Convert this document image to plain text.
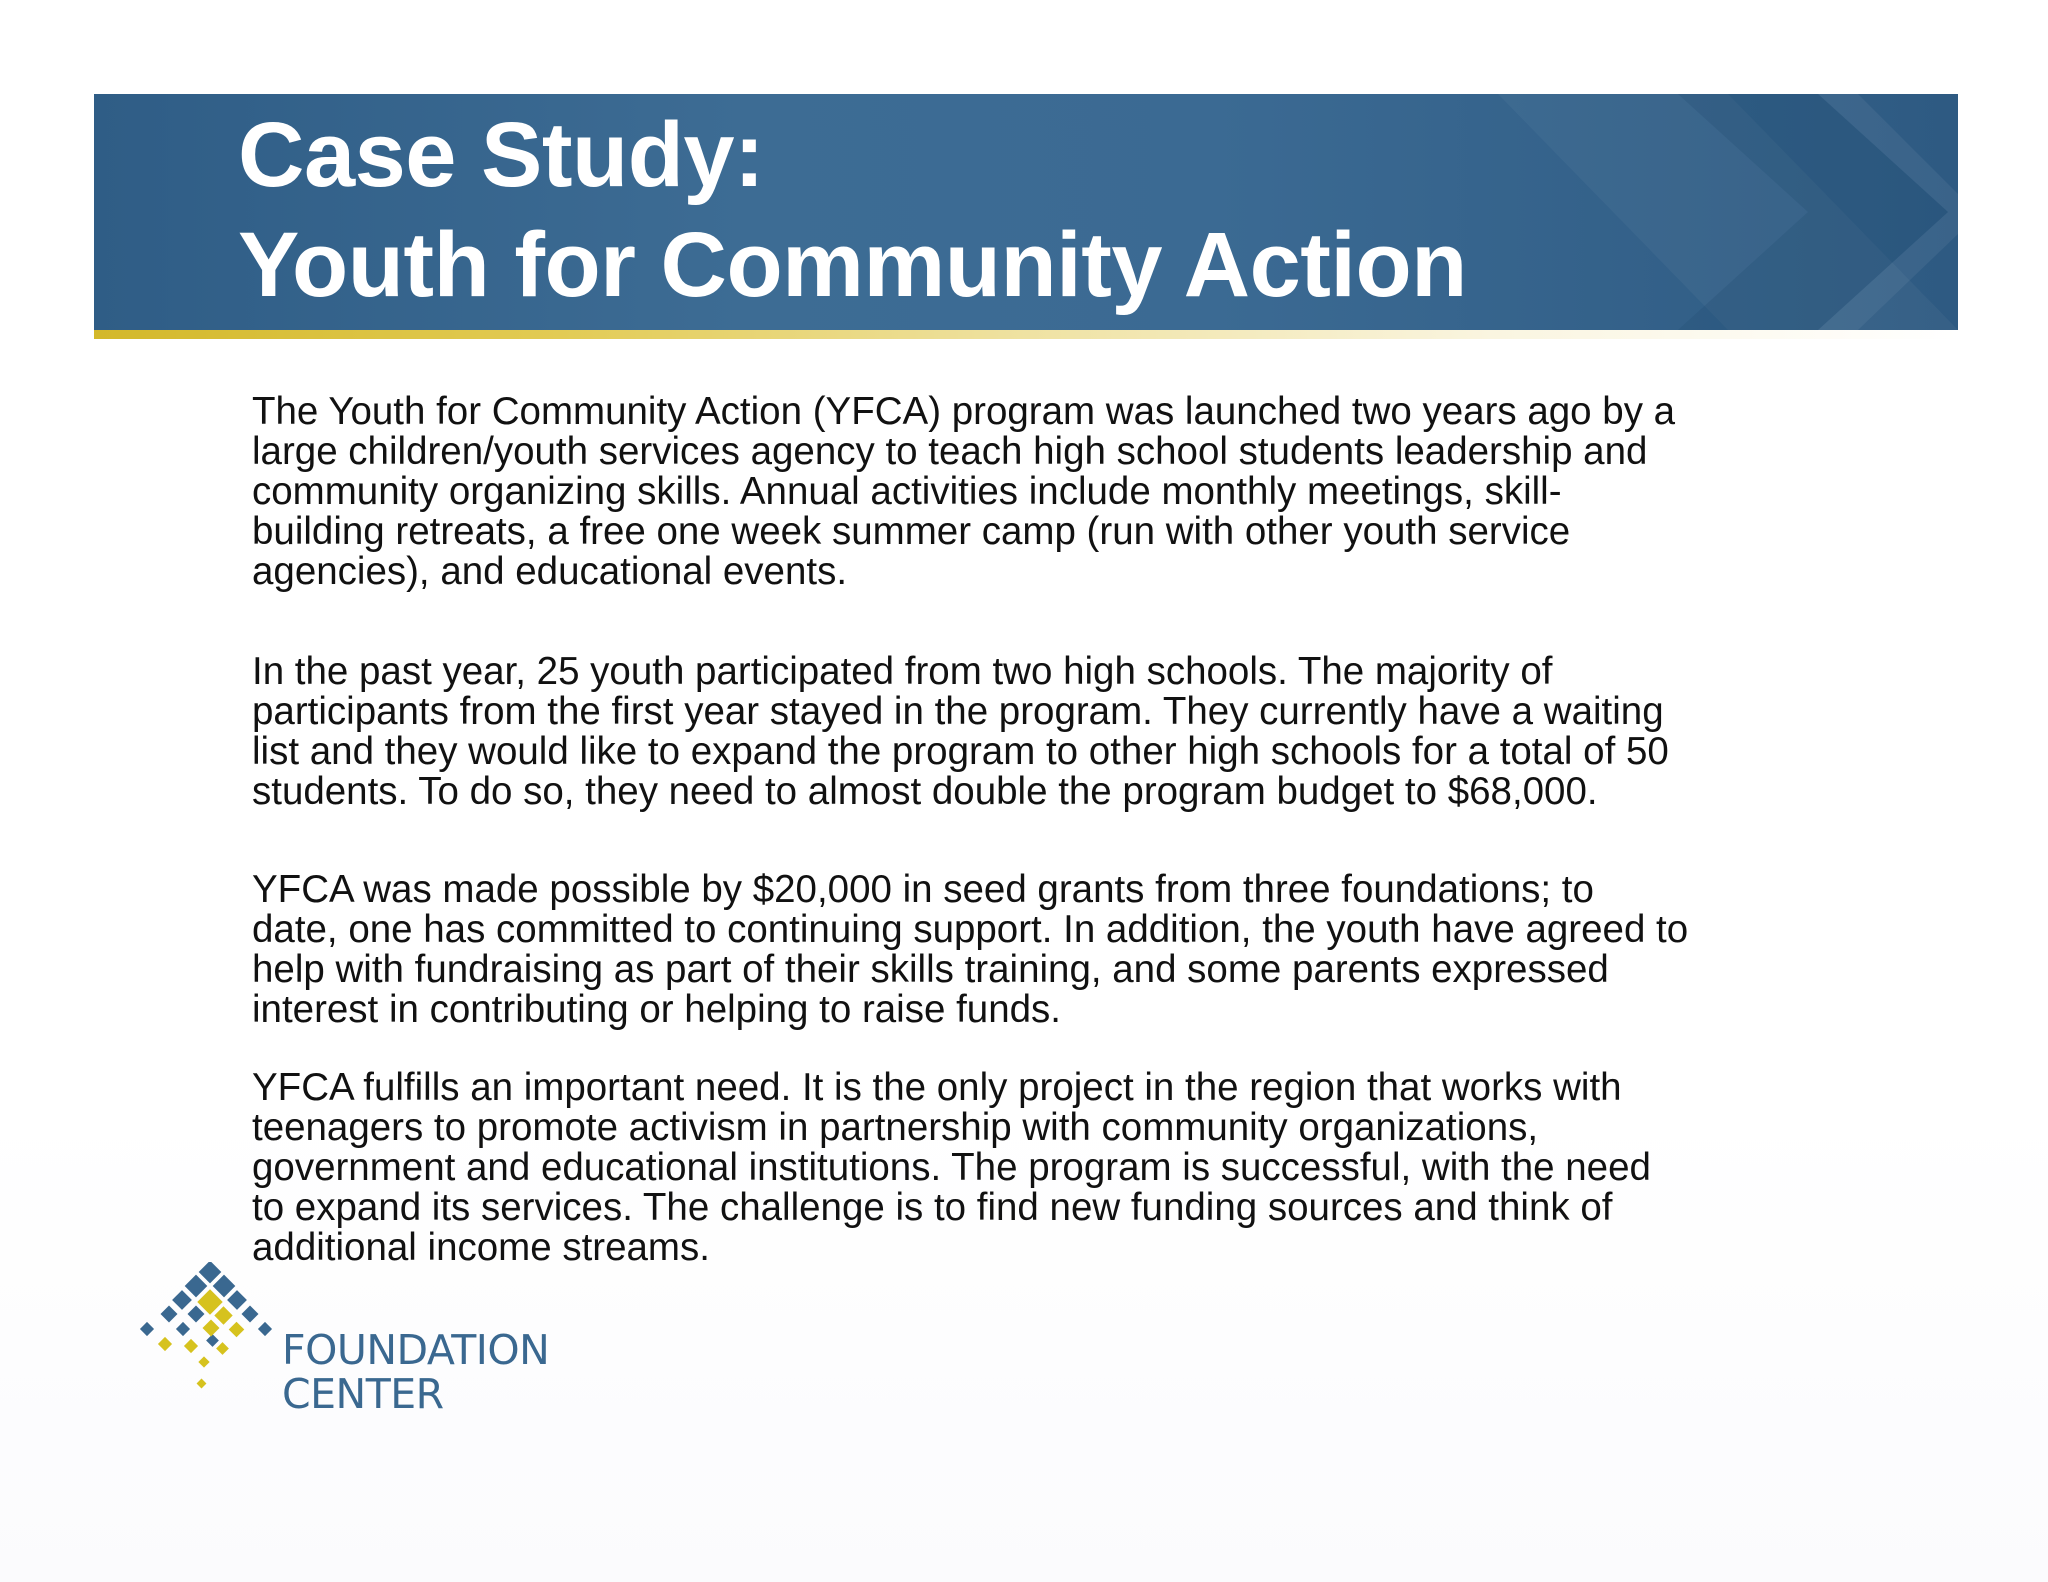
Case Study:
Youth for Community Action

The Youth for Community Action (YFCA) program was launched two years ago by a

large children/youth services agency to teach high school students leadership and

community organizing skills. Annual activities include monthly meetings, skill-

building retreats, a free one week summer camp (run with other youth service

agencies), and educational events.

In the past year, 25 youth participated from two high schools. The majority of

participants from the first year stayed in the program. They currently have a waiting

list and they would like to expand the program to other high schools for a total of 50

students. To do so, they need to almost double the program budget to $68,000.

YFCA was made possible by $20,000 in seed grants from three foundations; to

date, one has committed to continuing support. In addition, the youth have agreed to

help with fundraising as part of their skills training, and some parents expressed

interest in contributing or helping to raise funds.

YFCA fulfills an important need. It is the only project in the region that works with

teenagers to promote activism in partnership with community organizations,

government and educational institutions. The program is successful, with the need

to expand its services. The challenge is to find new funding sources and think of

additional income streams.

FOUNDATION
CENTER
